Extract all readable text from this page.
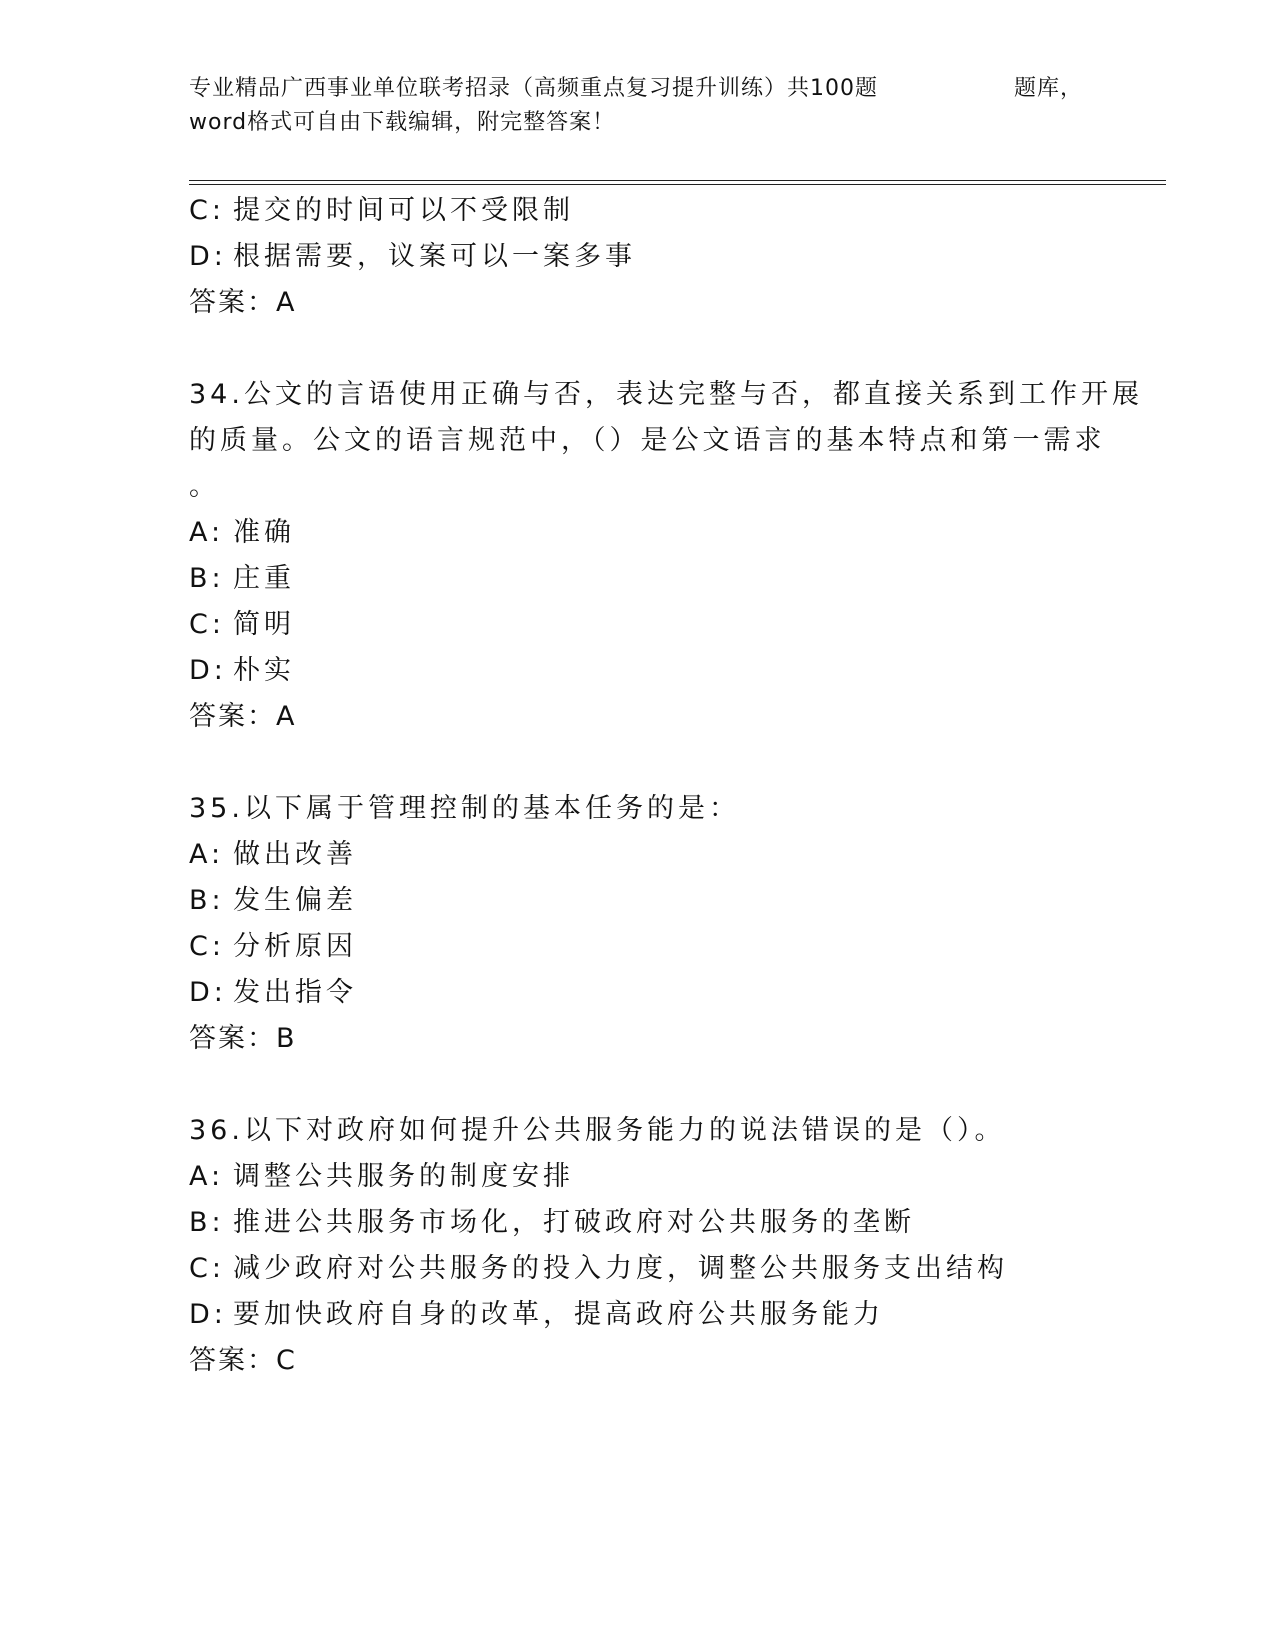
专业精品广西事业单位联考招录（高频重点复习提升训练）共100题	题库，
word格式可自由下载编辑，附完整答案！
C: 提交的时间可以不受限制
D: 根据需要，议案可以一案多事
答案：A
34.公文的言语使用正确与否，表达完整与否，都直接关系到工作开展
的质量。公文的语言规范中，（）是公文语言的基本特点和第一需求
。
A: 准确
B: 庄重
C: 简明
D: 朴实
答案：A
35.以下属于管理控制的基本任务的是：
A: 做出改善
B: 发生偏差
C: 分析原因
D: 发出指令
答案：B
36.以下对政府如何提升公共服务能力的说法错误的是（）。
A: 调整公共服务的制度安排
B: 推进公共服务市场化，打破政府对公共服务的垄断
C: 减少政府对公共服务的投入力度，调整公共服务支出结构
D: 要加快政府自身的改革，提高政府公共服务能力
答案：C
